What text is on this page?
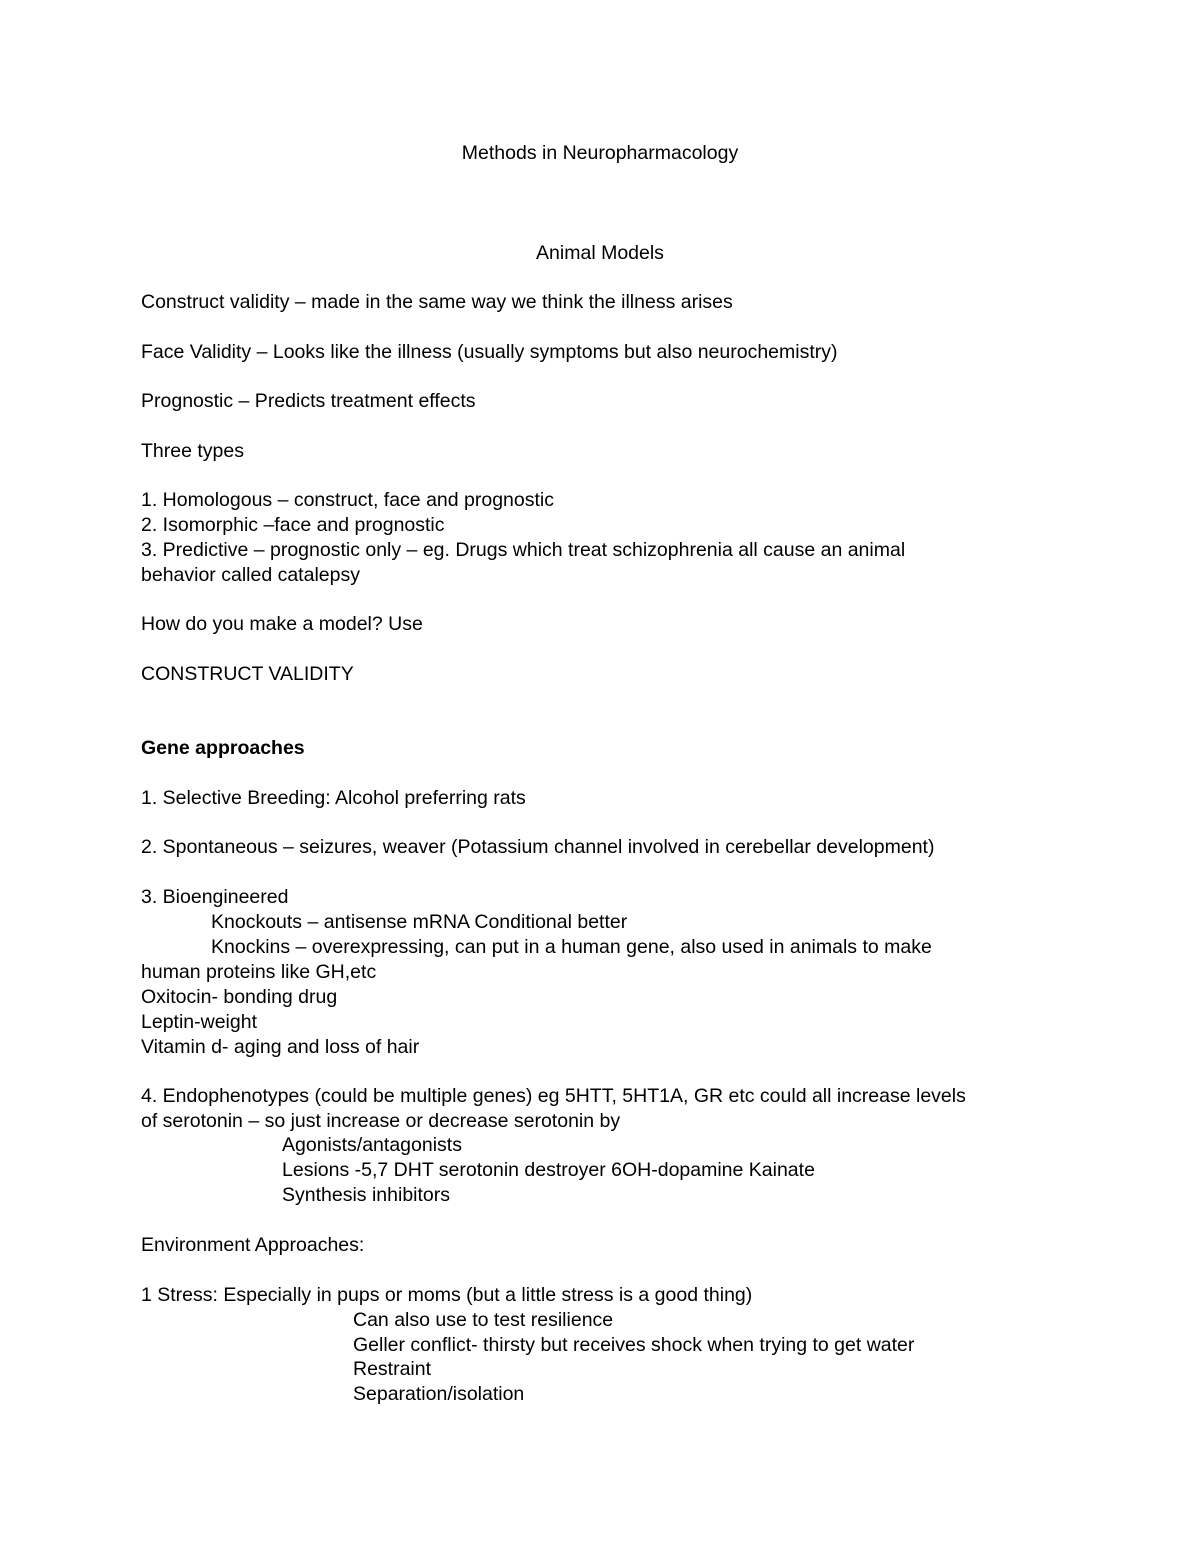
Methods in Neuropharmacology

Animal Models

Construct validity – made in the same way we think the illness arises

Face Validity – Looks like the illness (usually symptoms but also neurochemistry)

Prognostic – Predicts treatment effects

Three types

1. Homologous – construct, face and prognostic

2. Isomorphic –face and prognostic

3. Predictive – prognostic only – eg. Drugs which treat schizophrenia all cause an animal

behavior called catalepsy

How do you make a model? Use

CONSTRUCT VALIDITY

Gene approaches

1. Selective Breeding: Alcohol preferring rats

2. Spontaneous – seizures, weaver (Potassium channel involved in cerebellar development)

3. Bioengineered

Knockouts – antisense mRNA Conditional better

Knockins – overexpressing, can put in a human gene, also used in animals to make

human proteins like GH,etc

Oxitocin- bonding drug

Leptin-weight

Vitamin d- aging and loss of hair

4. Endophenotypes (could be multiple genes) eg 5HTT, 5HT1A, GR etc could all increase levels

of serotonin – so just increase or decrease serotonin by

Agonists/antagonists

Lesions -5,7 DHT serotonin destroyer 6OH-dopamine Kainate

Synthesis inhibitors

Environment Approaches:

1 Stress: Especially in pups or moms (but a little stress is a good thing)

Can also use to test resilience

Geller conflict- thirsty but receives shock when trying to get water

Restraint

Separation/isolation
